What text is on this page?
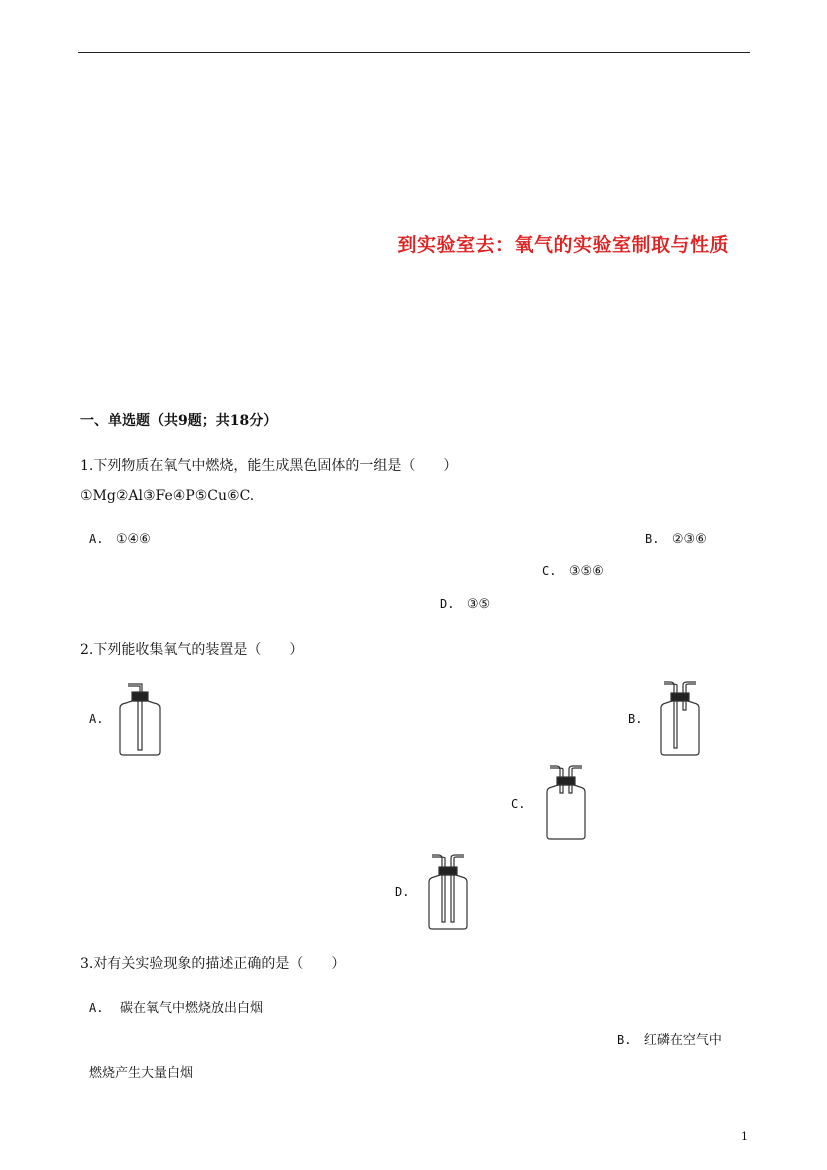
到实验室去：氧气的实验室制取与性质
一、单选题（共9题；共18分）
1.下列物质在氧气中燃烧，能生成黑色固体的一组是（　　）
①Mg②Al③Fe④P⑤Cu⑥C.
A. ①④⑥	B. ②③⑥
C. ③⑤⑥
D. ③⑤
2.下列能收集氧气的装置是（　　）
A.	B.
C.
D.
3.对有关实验现象的描述正确的是（　　）
A. 碳在氧气中燃烧放出白烟
B. 红磷在空气中
燃烧产生大量白烟
1
